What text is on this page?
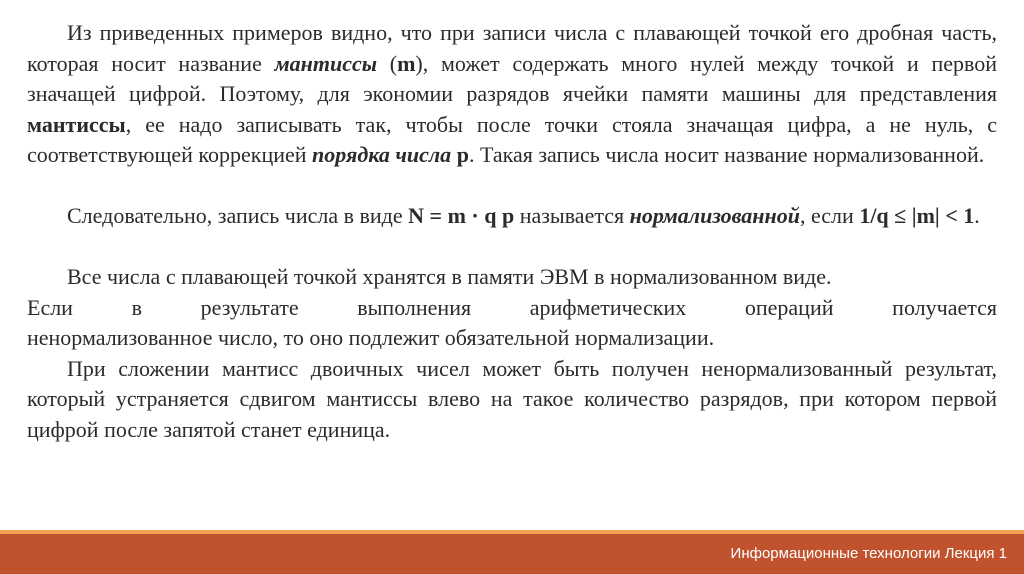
Из приведенных примеров видно, что при записи числа с плавающей точкой его дробная часть, которая носит название мантиссы (m), может содержать много нулей между точкой и первой значащей цифрой. Поэтому, для экономии разрядов ячейки памяти машины для представления мантиссы, ее надо записывать так, чтобы после точки стояла значащая цифра, а не нуль, с соответствующей коррекцией порядка числа p. Такая запись числа носит название нормализованной.

Следовательно, запись числа в виде N = m · q p называется нормализованной, если 1/q ≤ |m| < 1.

Все числа с плавающей точкой хранятся в памяти ЭВМ в нормализованном виде.
Если в результате выполнения арифметических операций получается
ненормализованное число, то оно подлежит обязательной нормализации.

При сложении мантисс двоичных чисел может быть получен ненормализованный результат, который устраняется сдвигом мантиссы влево на такое количество разрядов, при котором первой цифрой после запятой станет единица.

Информационные технологии Лекция 1
